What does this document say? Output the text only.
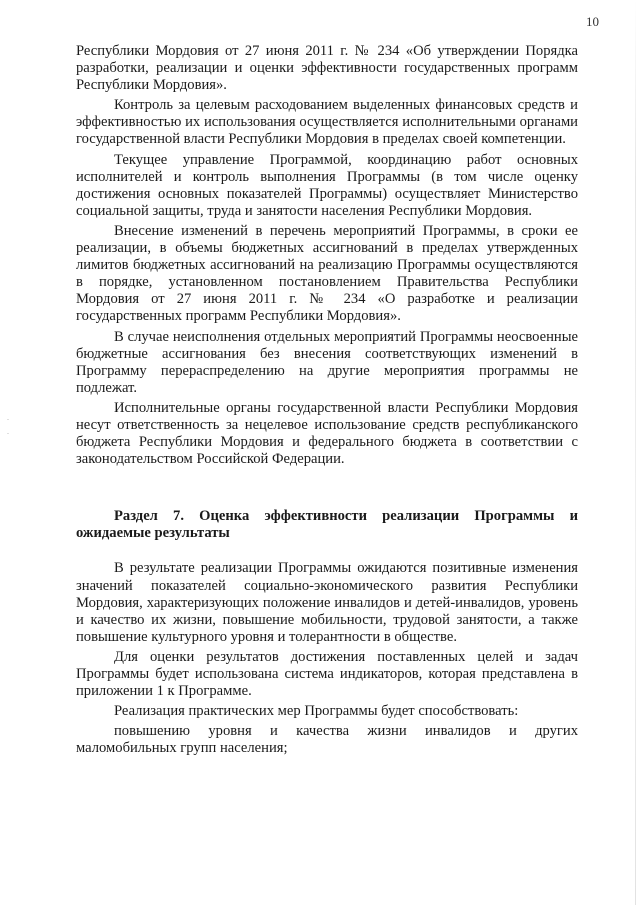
.
.
10

Республики Мордовия от 27 июня 2011 г. № 234 «Об утверждении Порядка разработки, реализации и оценки эффективности государственных программ Республики Мордовия».

Контроль за целевым расходованием выделенных финансовых средств и эффективностью их использования осуществляется исполнительными органами государственной власти Республики Мордовия в пределах своей компетенции.

Текущее управление Программой, координацию работ основных исполнителей и контроль выполнения Программы (в том числе оценку достижения основных показателей Программы) осуществляет Министерство социальной защиты, труда и занятости населения Республики Мордовия.

Внесение изменений в перечень мероприятий Программы, в сроки ее реализации, в объемы бюджетных ассигнований в пределах утвержденных лимитов бюджетных ассигнований на реализацию Программы осуществляются в порядке, установленном постановлением Правительства Республики Мордовия от 27 июня 2011 г. № 234 «О разработке и реализации государственных программ Республики Мордовия».

В случае неисполнения отдельных мероприятий Программы неосвоенные бюджетные ассигнования без внесения соответствующих изменений в Программу перераспределению на другие мероприятия программы не подлежат.

Исполнительные органы государственной власти Республики Мордовия несут ответственность за нецелевое использование средств республиканского бюджета Республики Мордовия и федерального бюджета в соответствии с законодательством Российской Федерации.

Раздел 7. Оценка эффективности реализации Программы и ожидаемые результаты

В результате реализации Программы ожидаются позитивные изменения значений показателей социально-экономического развития Республики Мордовия, характеризующих положение инвалидов и детей-инвалидов, уровень и качество их жизни, повышение мобильности, трудовой занятости, а также повышение культурного уровня и толерантности в обществе.

Для оценки результатов достижения поставленных целей и задач Программы будет использована система индикаторов, которая представлена в приложении 1 к Программе.

Реализация практических мер Программы будет способствовать:

повышению уровня и качества жизни инвалидов и других маломобильных групп населения;
